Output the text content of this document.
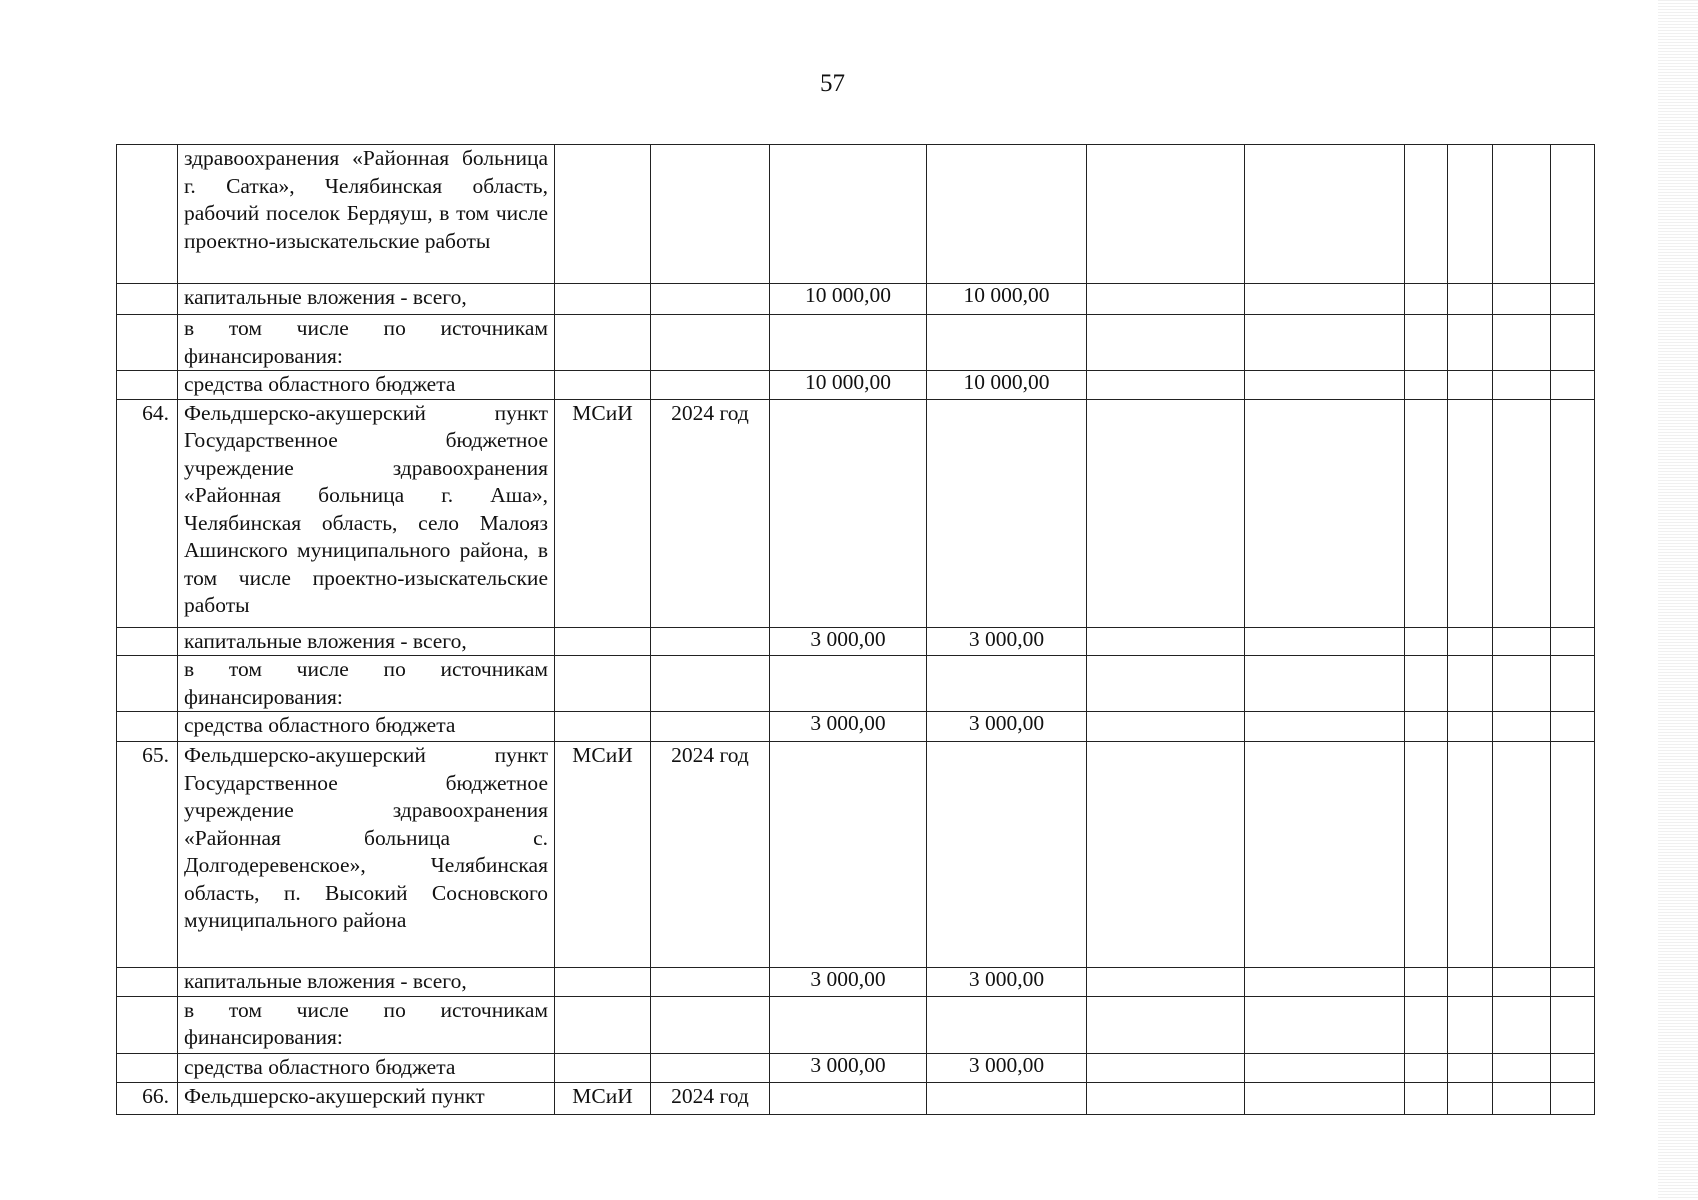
57
	здравоохранения «Районная больница г. Сатка», Челябинская область, рабочий поселок Бердяуш, в том числе проектно-изыскательские работы										
	капитальные вложения - всего,			10 000,00	10 000,00						
	в том числе по источникам финансирования:										
	средства областного бюджета			10 000,00	10 000,00						
64.	Фельдшерско-акушерский пункт Государственное бюджетное учреждение здравоохранения «Районная больница г. Аша», Челябинская область, село Малояз Ашинского муниципального района, в том числе проектно-изыскательские работы	МСиИ	2024 год								
	капитальные вложения - всего,			3 000,00	3 000,00						
	в том числе по источникам финансирования:										
	средства областного бюджета			3 000,00	3 000,00						
65.	Фельдшерско-акушерский пункт Государственное бюджетное учреждение здравоохранения «Районная больница с. Долгодеревенское», Челябинская область, п. Высокий Сосновского муниципального района	МСиИ	2024 год								
	капитальные вложения - всего,			3 000,00	3 000,00						
	в том числе по источникам финансирования:										
	средства областного бюджета			3 000,00	3 000,00						
66.	Фельдшерско-акушерский пункт	МСиИ	2024 год								
